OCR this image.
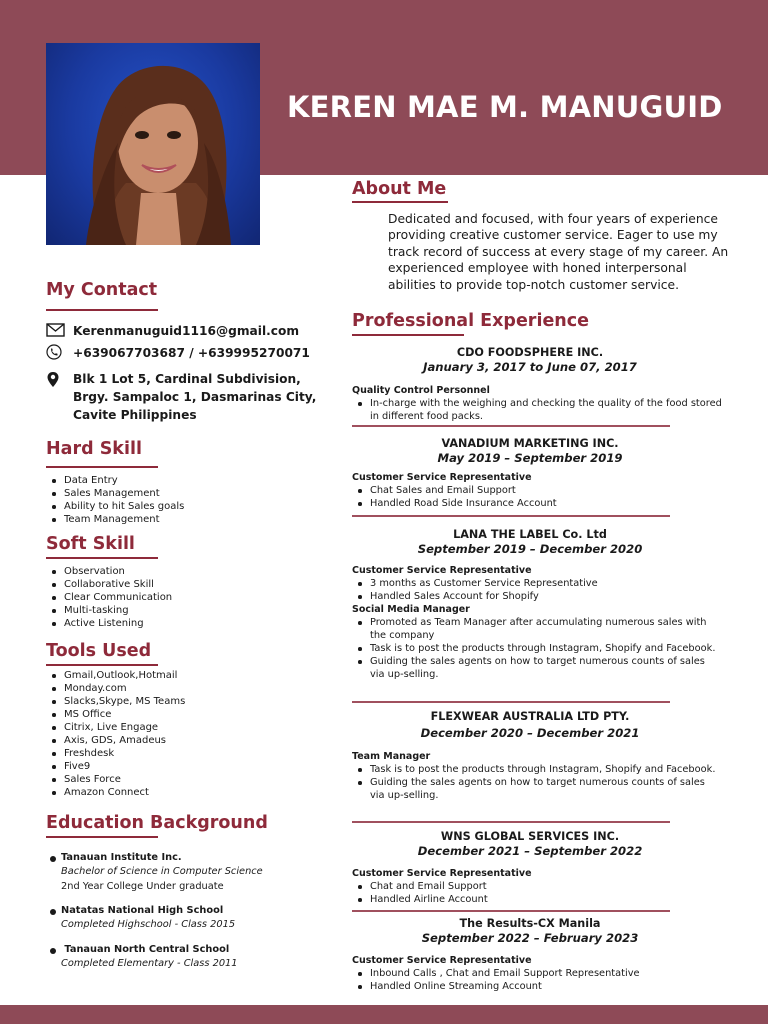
KEREN MAE M. MANUGUID
About Me
Dedicated and focused, with four years of experience providing creative customer service. Eager to use my track record of success at every stage of my career. An experienced employee with honed interpersonal abilities to provide top-notch customer service.
My Contact
Kerenmanuguid1116@gmail.com
+639067703687 / +639995270071
Blk 1 Lot 5, Cardinal Subdivision,
Brgy. Sampaloc 1, Dasmarinas City,
Cavite Philippines
Hard Skill
Data Entry
Sales Management
Ability to hit Sales goals
Team Management
Soft Skill
Observation
Collaborative Skill
Clear Communication
Multi-tasking
Active Listening
Tools Used
Gmail,Outlook,Hotmail
Monday.com
Slacks,Skype, MS Teams
MS Office
Citrix, Live Engage
Axis, GDS, Amadeus
Freshdesk
Five9
Sales Force
Amazon Connect
Education Background
Tanauan Institute Inc.
Bachelor of Science in Computer Science
2nd Year College Under graduate
Natatas National High School
Completed Highschool - Class 2015
Tanauan North Central School
Completed Elementary - Class 2011
Professional Experience
CDO FOODSPHERE INC.
January 3, 2017 to June 07, 2017
Quality Control Personnel
In-charge with the weighing and checking the quality of the food stored in different food packs.
VANADIUM MARKETING INC.
May 2019 – September 2019
Customer Service Representative
Chat Sales and Email Support
Handled Road Side Insurance Account
LANA THE LABEL Co. Ltd
September 2019 – December 2020
Customer Service Representative
3 months as Customer Service Representative
Handled Sales Account for Shopify
Social Media Manager
Promoted as Team Manager after accumulating numerous sales with the company
Task is to post the products through Instagram, Shopify and Facebook.
Guiding the sales agents on how to target numerous counts of sales via up-selling.
FLEXWEAR AUSTRALIA LTD PTY.
December 2020 – December 2021
Team Manager
Task is to post the products through Instagram, Shopify and Facebook.
Guiding the sales agents on how to target numerous counts of sales via up-selling.
WNS GLOBAL SERVICES INC.
December 2021 – September 2022
Customer Service Representative
Chat and Email Support
Handled Airline Account
The Results-CX Manila
September 2022 – February 2023
Customer Service Representative
Inbound Calls , Chat and Email Support Representative
Handled Online Streaming Account
